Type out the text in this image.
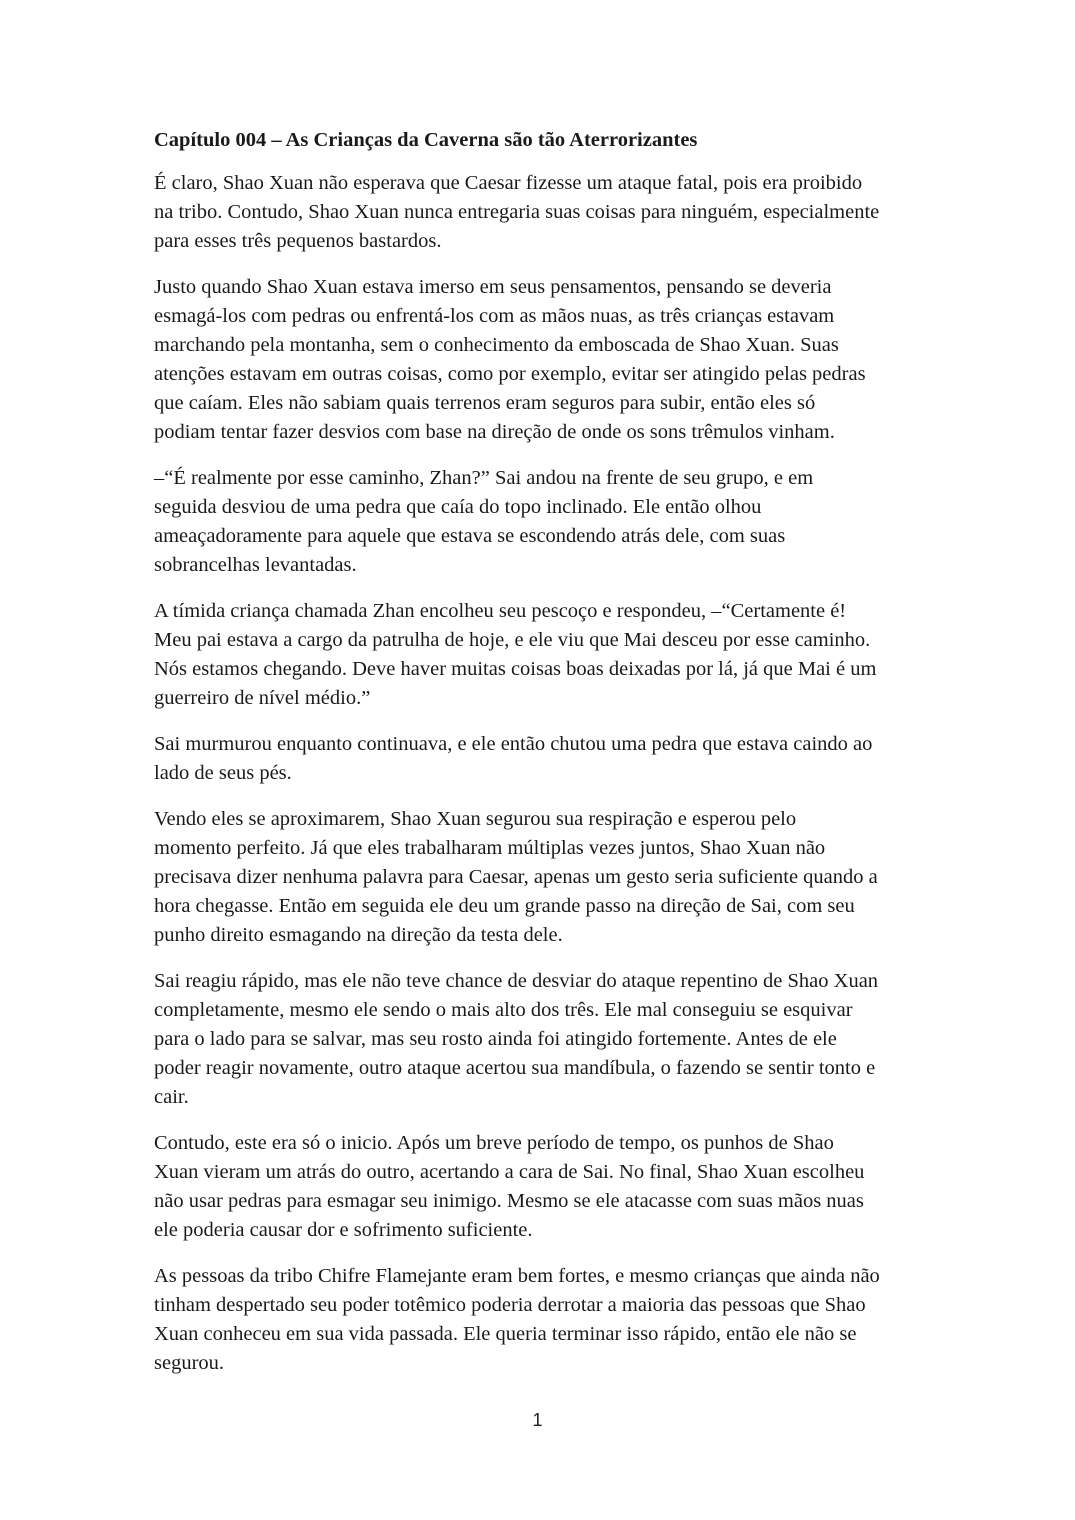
Capítulo 004 – As Crianças da Caverna são tão Aterrorizantes
É claro, Shao Xuan não esperava que Caesar fizesse um ataque fatal, pois era proibido
na tribo. Contudo, Shao Xuan nunca entregaria suas coisas para ninguém, especialmente
para esses três pequenos bastardos.
Justo quando Shao Xuan estava imerso em seus pensamentos, pensando se deveria
esmagá-los com pedras ou enfrentá-los com as mãos nuas, as três crianças estavam
marchando pela montanha, sem o conhecimento da emboscada de Shao Xuan. Suas
atenções estavam em outras coisas, como por exemplo, evitar ser atingido pelas pedras
que caíam. Eles não sabiam quais terrenos eram seguros para subir, então eles só
podiam tentar fazer desvios com base na direção de onde os sons trêmulos vinham.
–“É realmente por esse caminho, Zhan?” Sai andou na frente de seu grupo, e em
seguida desviou de uma pedra que caía do topo inclinado. Ele então olhou
ameaçadoramente para aquele que estava se escondendo atrás dele, com suas
sobrancelhas levantadas.
A tímida criança chamada Zhan encolheu seu pescoço e respondeu, –“Certamente é!
Meu pai estava a cargo da patrulha de hoje, e ele viu que Mai desceu por esse caminho.
Nós estamos chegando. Deve haver muitas coisas boas deixadas por lá, já que Mai é um
guerreiro de nível médio.”
Sai murmurou enquanto continuava, e ele então chutou uma pedra que estava caindo ao
lado de seus pés.
Vendo eles se aproximarem, Shao Xuan segurou sua respiração e esperou pelo
momento perfeito. Já que eles trabalharam múltiplas vezes juntos, Shao Xuan não
precisava dizer nenhuma palavra para Caesar, apenas um gesto seria suficiente quando a
hora chegasse. Então em seguida ele deu um grande passo na direção de Sai, com seu
punho direito esmagando na direção da testa dele.
Sai reagiu rápido, mas ele não teve chance de desviar do ataque repentino de Shao Xuan
completamente, mesmo ele sendo o mais alto dos três. Ele mal conseguiu se esquivar
para o lado para se salvar, mas seu rosto ainda foi atingido fortemente. Antes de ele
poder reagir novamente, outro ataque acertou sua mandíbula, o fazendo se sentir tonto e
cair.
Contudo, este era só o inicio. Após um breve período de tempo, os punhos de Shao
Xuan vieram um atrás do outro, acertando a cara de Sai. No final, Shao Xuan escolheu
não usar pedras para esmagar seu inimigo. Mesmo se ele atacasse com suas mãos nuas
ele poderia causar dor e sofrimento suficiente.
As pessoas da tribo Chifre Flamejante eram bem fortes, e mesmo crianças que ainda não
tinham despertado seu poder totêmico poderia derrotar a maioria das pessoas que Shao
Xuan conheceu em sua vida passada. Ele queria terminar isso rápido, então ele não se
segurou.
1
